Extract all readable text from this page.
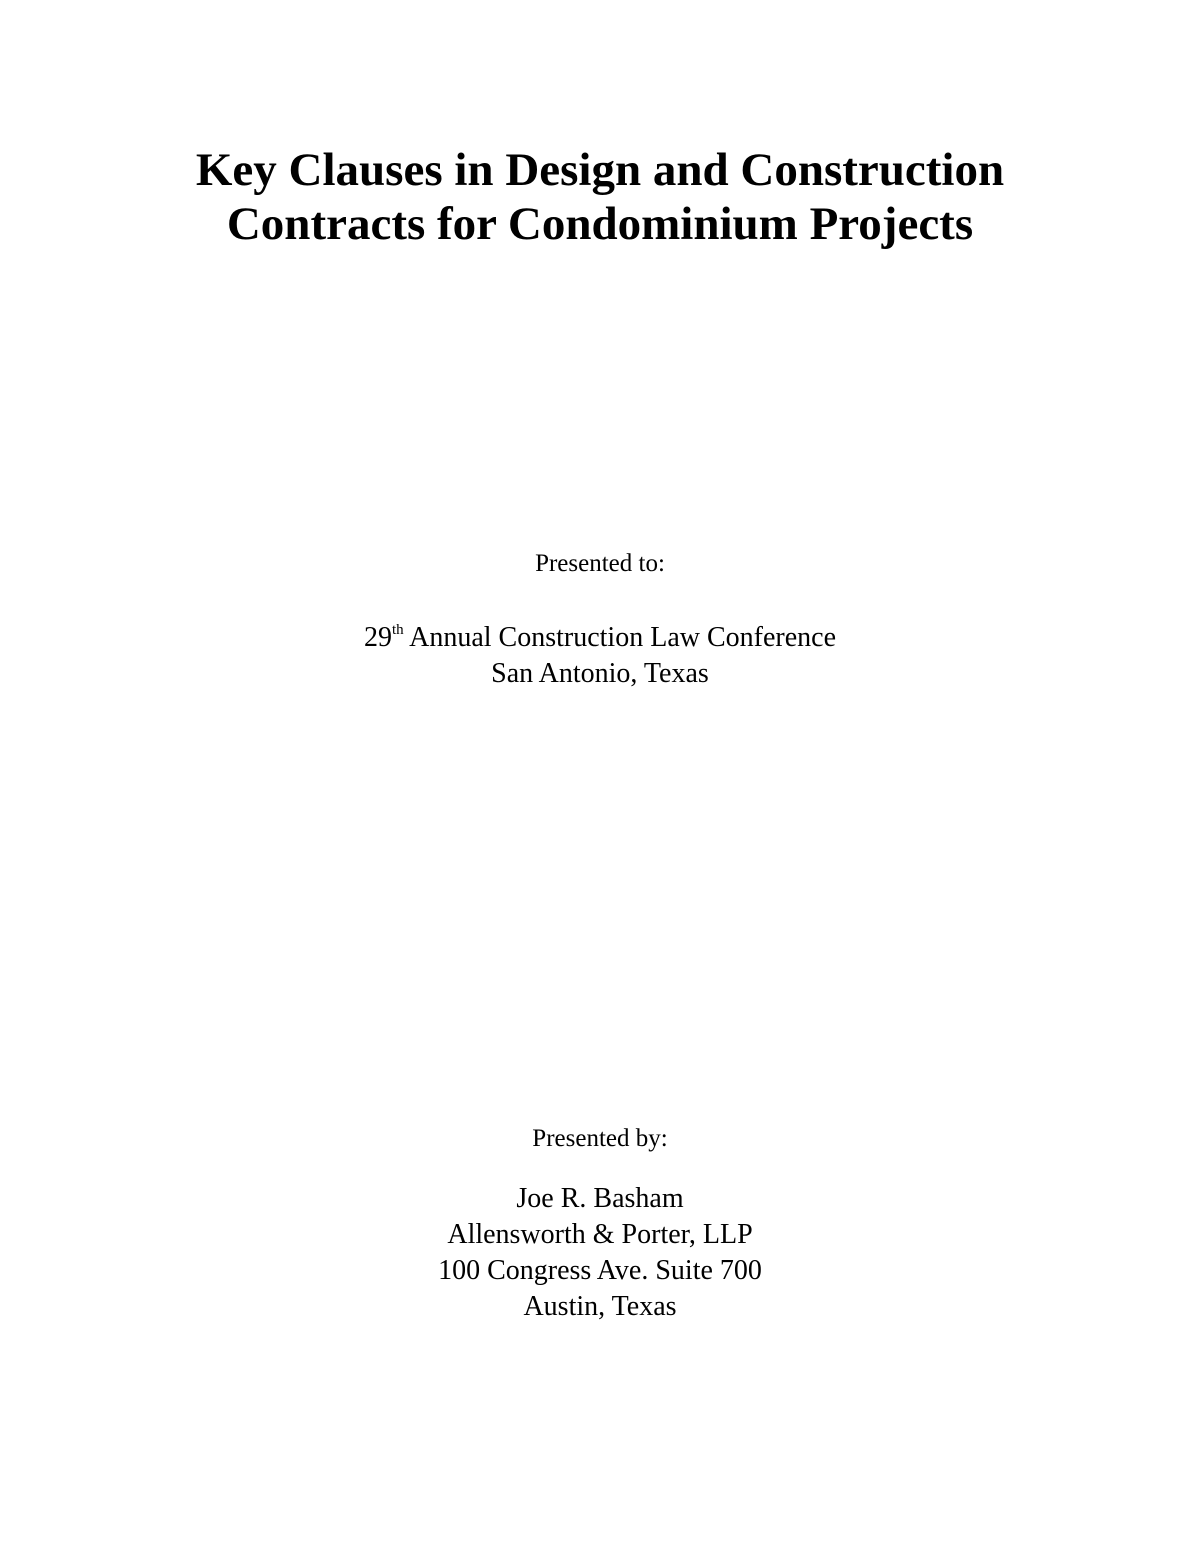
Key Clauses in Design and Construction
Contracts for Condominium Projects
Presented to:
29th Annual Construction Law Conference
San Antonio, Texas
Presented by:
Joe R. Basham
Allensworth & Porter, LLP
100 Congress Ave. Suite 700
Austin, Texas
